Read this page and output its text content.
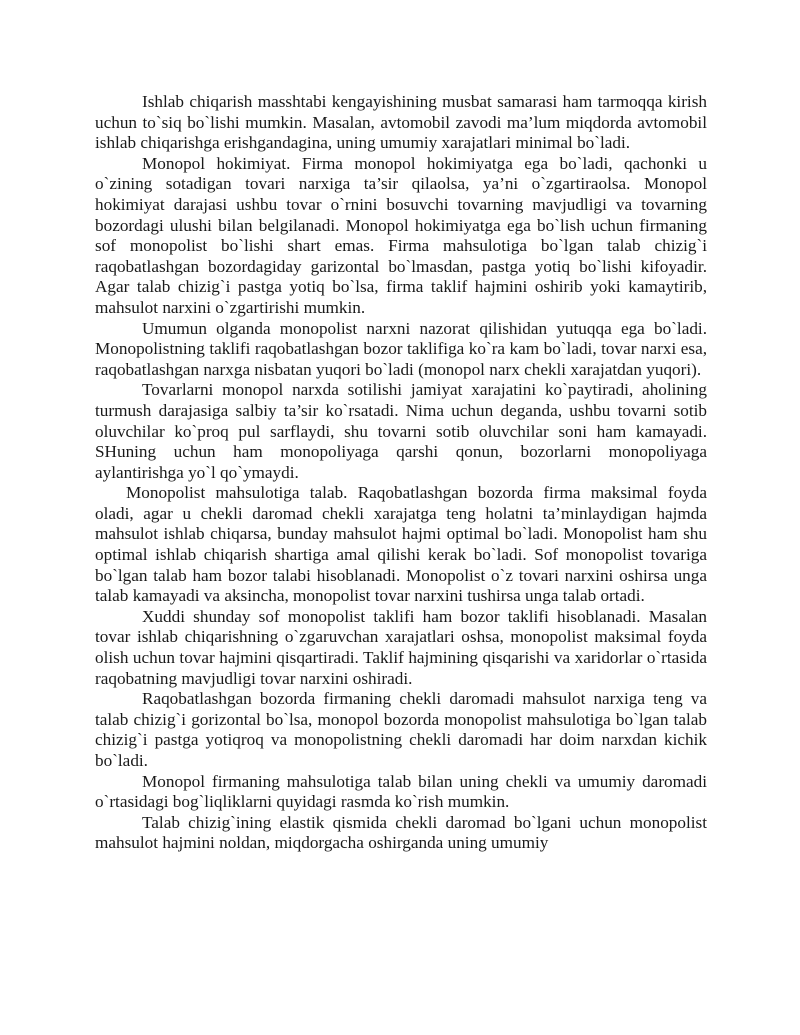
Ishlab chiqarish masshtabi kengayishining musbat samarasi ham tarmoqqa kirish uchun to`siq bo`lishi mumkin. Masalan, avtomobil zavodi ma’lum miqdorda avtomobil ishlab chiqarishga erishgandagina, uning umumiy xarajatlari minimal bo`ladi.

Monopol hokimiyat. Firma monopol hokimiyatga ega bo`ladi, qachonki u o`zining sotadigan tovari narxiga ta’sir qilaolsa, ya’ni o`zgartiraolsa. Monopol hokimiyat darajasi ushbu tovar o`rnini bosuvchi tovarning mavjudligi va tovarning bozordagi ulushi bilan belgilanadi. Monopol hokimiyatga ega bo`lish uchun firmaning sof monopolist bo`lishi shart emas. Firma mahsulotiga bo`lgan talab chizig`i raqobatlashgan bozordagiday garizontal bo`lmasdan, pastga yotiq bo`lishi kifoyadir. Agar talab chizig`i pastga yotiq bo`lsa, firma taklif hajmini oshirib yoki kamaytirib, mahsulot narxini o`zgartirishi mumkin.

Umumun olganda monopolist narxni nazorat qilishidan yutuqqa ega bo`ladi. Monopolistning taklifi raqobatlashgan bozor taklifiga ko`ra kam bo`ladi, tovar narxi esa, raqobatlashgan narxga nisbatan yuqori bo`ladi (monopol narx chekli xarajatdan yuqori).

Tovarlarni monopol narxda sotilishi jamiyat xarajatini ko`paytiradi, aholining turmush darajasiga salbiy ta’sir ko`rsatadi. Nima uchun deganda, ushbu tovarni sotib oluvchilar ko`proq pul sarflaydi, shu tovarni sotib oluvchilar soni ham kamayadi. SHuning uchun ham monopoliyaga qarshi qonun, bozorlarni monopoliyaga aylantirishga yo`l qo`ymaydi.

Monopolist mahsulotiga talab. Raqobatlashgan bozorda firma maksimal foyda oladi, agar u chekli daromad chekli xarajatga teng holatni ta’minlaydigan hajmda mahsulot ishlab chiqarsa, bunday mahsulot hajmi optimal bo`ladi. Monopolist ham shu optimal ishlab chiqarish shartiga amal qilishi kerak bo`ladi. Sof monopolist tovariga bo`lgan talab ham bozor talabi hisoblanadi. Monopolist o`z tovari narxini oshirsa unga talab kamayadi va aksincha, monopolist tovar narxini tushirsa unga talab ortadi.

Xuddi shunday sof monopolist taklifi ham bozor taklifi hisoblanadi. Masalan tovar ishlab chiqarishning o`zgaruvchan xarajatlari oshsa, monopolist maksimal foyda olish uchun tovar hajmini qisqartiradi. Taklif hajmining qisqarishi va xaridorlar o`rtasida raqobatning mavjudligi tovar narxini oshiradi.

Raqobatlashgan bozorda firmaning chekli daromadi mahsulot narxiga teng va talab chizig`i gorizontal bo`lsa, monopol bozorda monopolist mahsulotiga bo`lgan talab chizig`i pastga yotiqroq va monopolistning chekli daromadi har doim narxdan kichik bo`ladi.

Monopol firmaning mahsulotiga talab bilan uning chekli va umumiy daromadi o`rtasidagi bog`liqliklarni quyidagi rasmda ko`rish mumkin.

Talab chizig`ining elastik qismida chekli daromad bo`lgani uchun monopolist mahsulot hajmini noldan, miqdorgacha oshirganda uning umumiy
